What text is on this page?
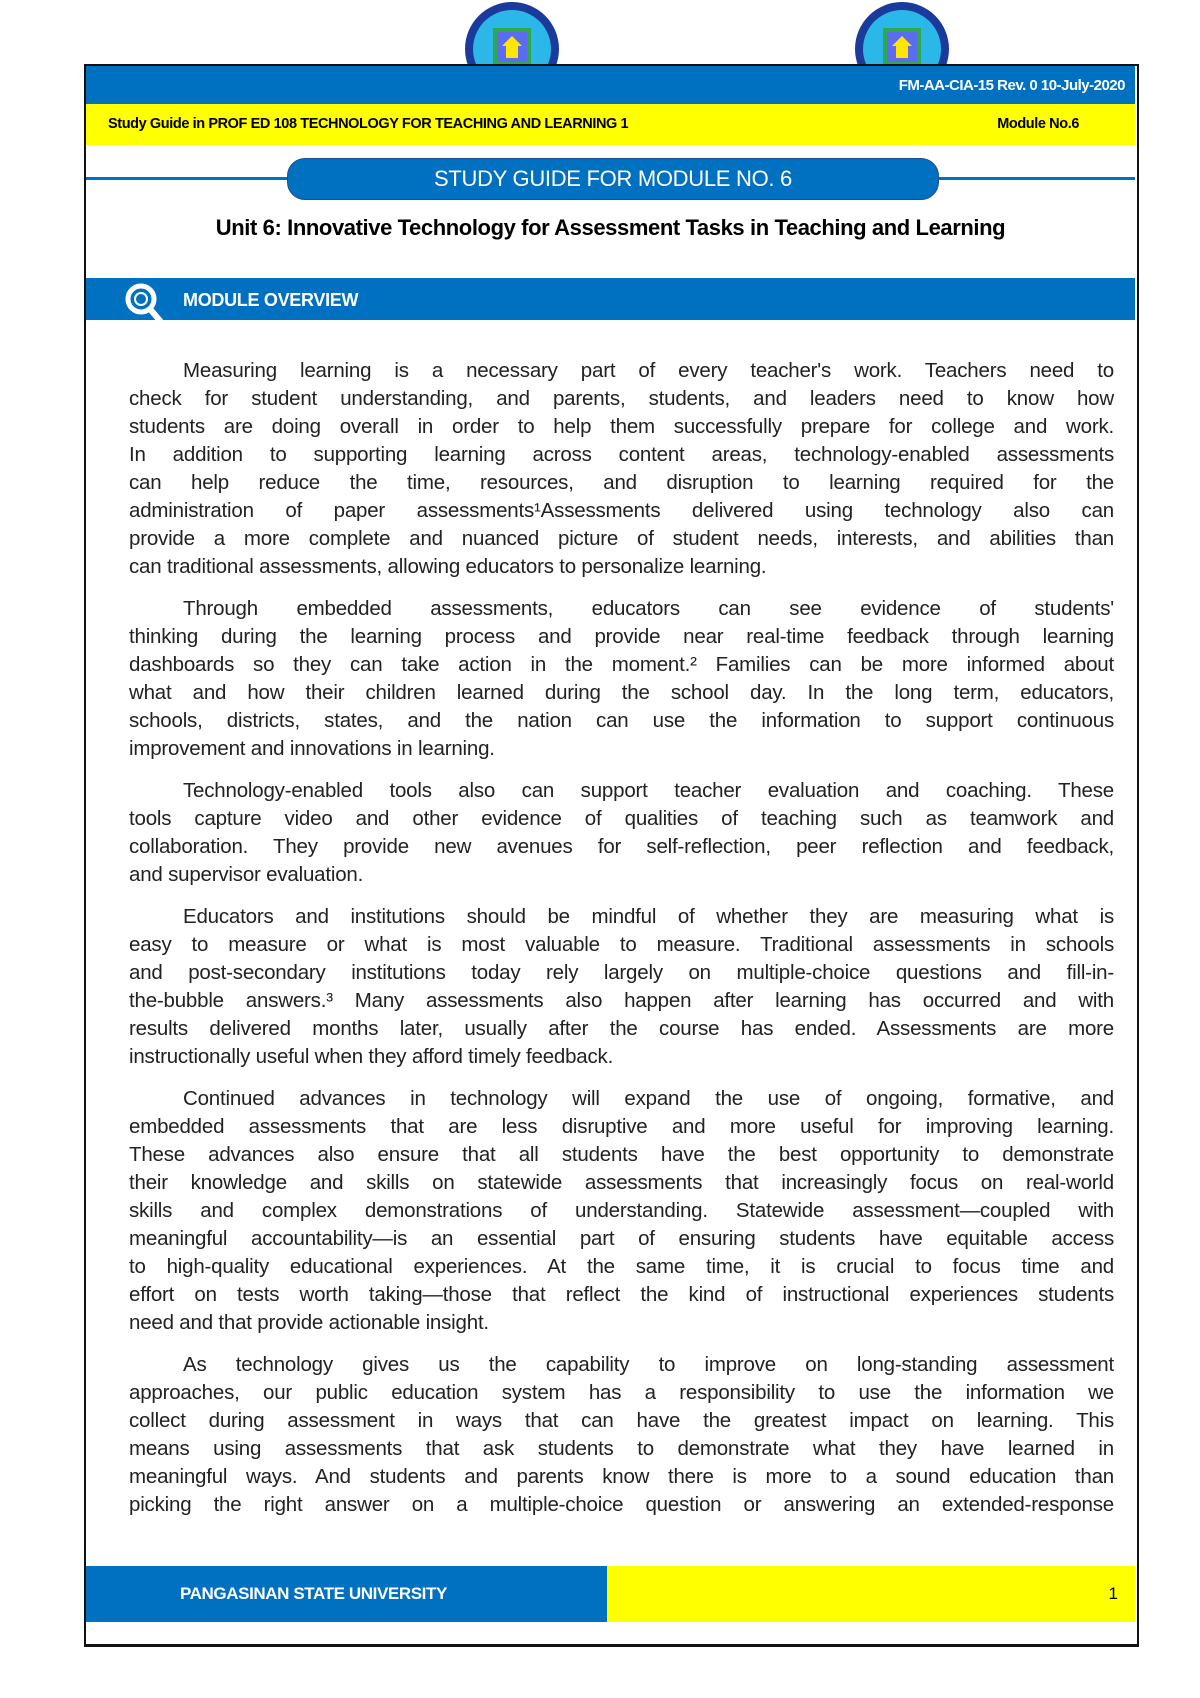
FM-AA-CIA-15 Rev. 0 10-July-2020
Study Guide in PROF ED 108 TECHNOLOGY FOR TEACHING AND LEARNING 1	Module No.6
STUDY GUIDE FOR MODULE NO. 6
Unit 6: Innovative Technology for Assessment Tasks in Teaching and Learning
MODULE OVERVIEW
Measuring learning is a necessary part of every teacher's work. Teachers need to
check for student understanding, and parents, students, and leaders need to know how
students are doing overall in order to help them successfully prepare for college and work.
In addition to supporting learning across content areas, technology-enabled assessments
can help reduce the time, resources, and disruption to learning required for the
administration of paper assessments¹Assessments delivered using technology also can
provide a more complete and nuanced picture of student needs, interests, and abilities than
can traditional assessments, allowing educators to personalize learning.
Through embedded assessments, educators can see evidence of students'
thinking during the learning process and provide near real-time feedback through learning
dashboards so they can take action in the moment.² Families can be more informed about
what and how their children learned during the school day. In the long term, educators,
schools, districts, states, and the nation can use the information to support continuous
improvement and innovations in learning.
Technology-enabled tools also can support teacher evaluation and coaching. These
tools capture video and other evidence of qualities of teaching such as teamwork and
collaboration. They provide new avenues for self-reflection, peer reflection and feedback,
and supervisor evaluation.
Educators and institutions should be mindful of whether they are measuring what is
easy to measure or what is most valuable to measure. Traditional assessments in schools
and post-secondary institutions today rely largely on multiple-choice questions and fill-in-
the-bubble answers.³ Many assessments also happen after learning has occurred and with
results delivered months later, usually after the course has ended. Assessments are more
instructionally useful when they afford timely feedback.
Continued advances in technology will expand the use of ongoing, formative, and
embedded assessments that are less disruptive and more useful for improving learning.
These advances also ensure that all students have the best opportunity to demonstrate
their knowledge and skills on statewide assessments that increasingly focus on real-world
skills and complex demonstrations of understanding. Statewide assessment—coupled with
meaningful accountability—is an essential part of ensuring students have equitable access
to high-quality educational experiences. At the same time, it is crucial to focus time and
effort on tests worth taking—those that reflect the kind of instructional experiences students
need and that provide actionable insight.
As technology gives us the capability to improve on long-standing assessment
approaches, our public education system has a responsibility to use the information we
collect during assessment in ways that can have the greatest impact on learning. This
means using assessments that ask students to demonstrate what they have learned in
meaningful ways. And students and parents know there is more to a sound education than
picking the right answer on a multiple-choice question or answering an extended-response
PANGASINAN STATE UNIVERSITY	1
